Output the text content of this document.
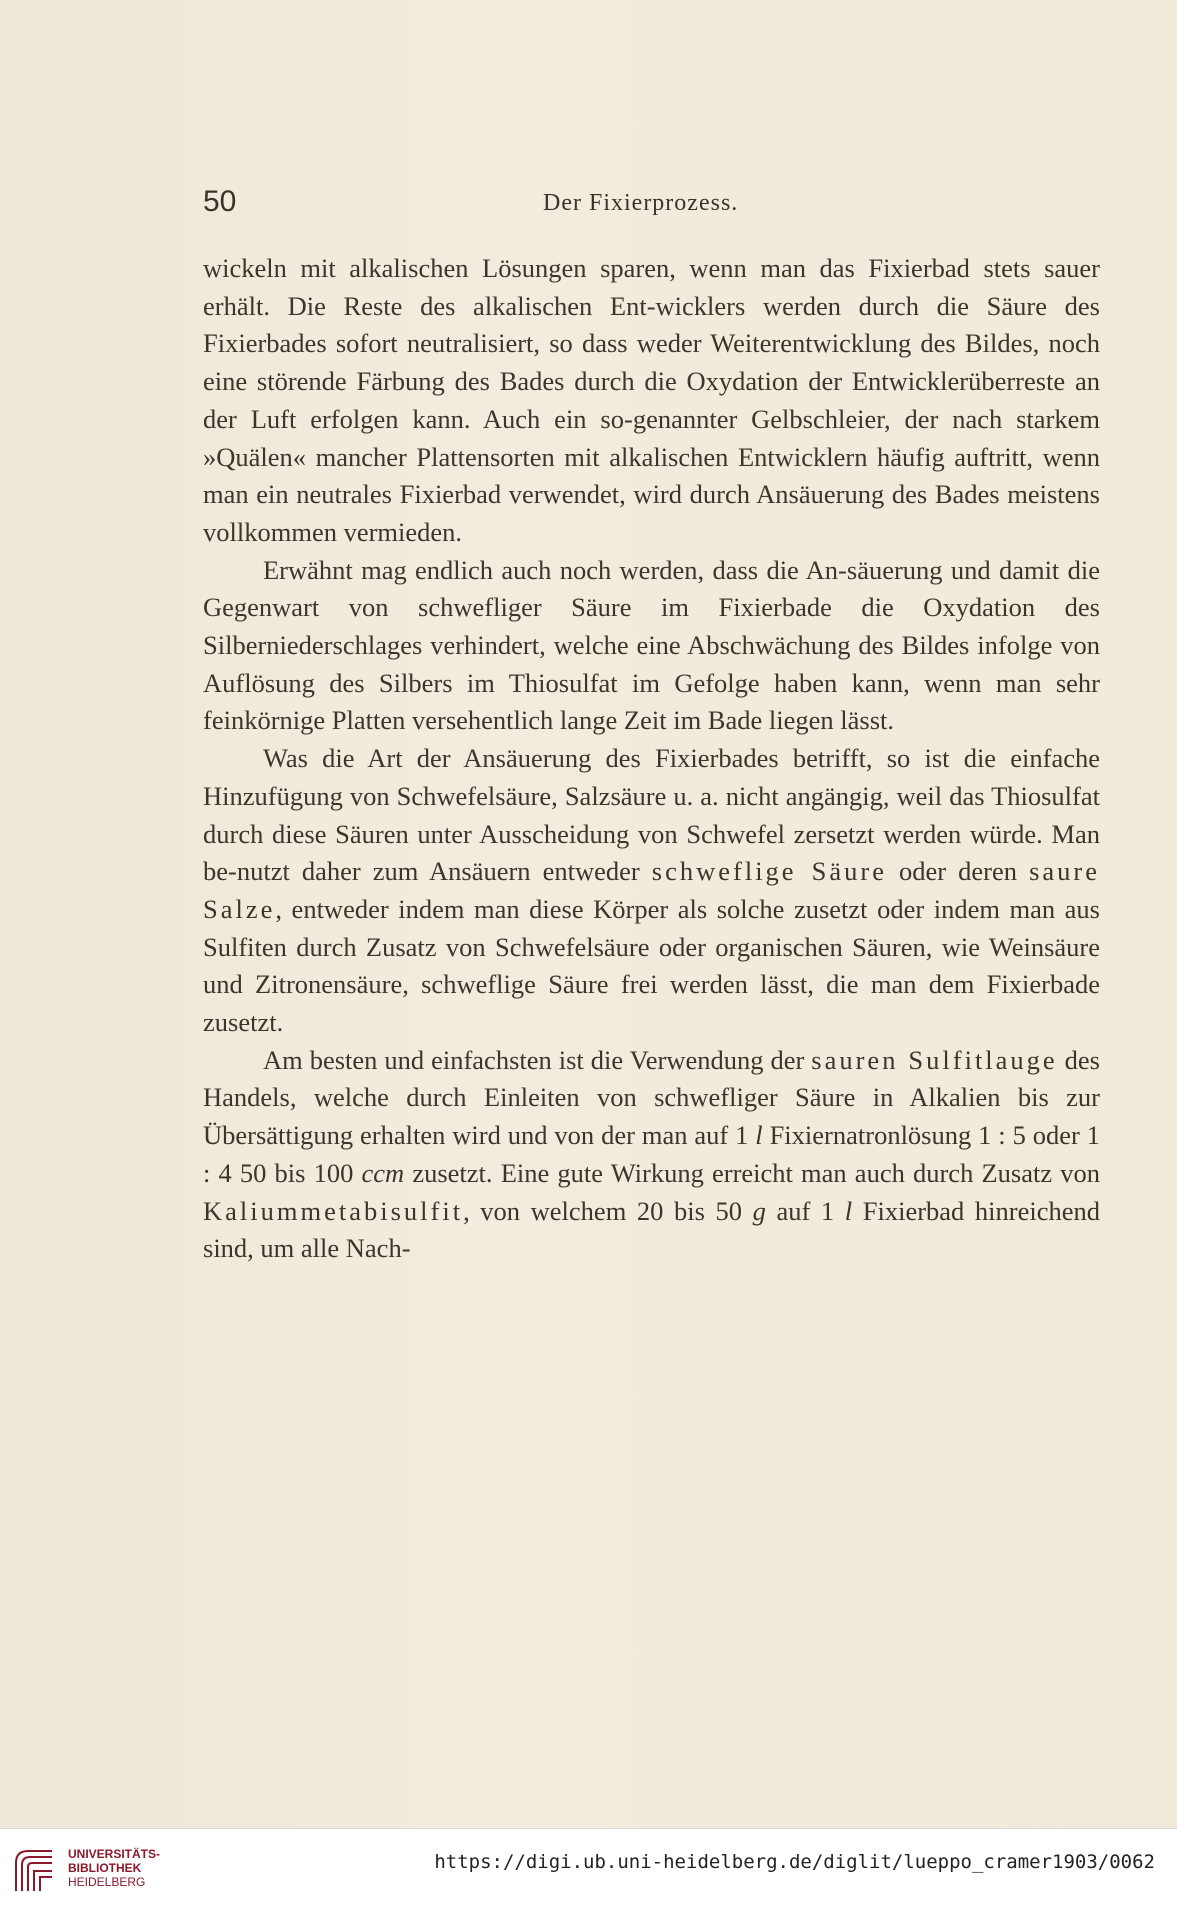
50	Der Fixierprozess.

wickeln mit alkalischen Lösungen sparen, wenn man das Fixierbad stets sauer erhält. Die Reste des alkalischen Ent-wicklers werden durch die Säure des Fixierbades sofort neutralisiert, so dass weder Weiterentwicklung des Bildes, noch eine störende Färbung des Bades durch die Oxydation der Entwicklerüberreste an der Luft erfolgen kann. Auch ein so-genannter Gelbschleier, der nach starkem »Quälen« mancher Plattensorten mit alkalischen Entwicklern häufig auftritt, wenn man ein neutrales Fixierbad verwendet, wird durch Ansäuerung des Bades meistens vollkommen vermieden.

Erwähnt mag endlich auch noch werden, dass die An-säuerung und damit die Gegenwart von schwefliger Säure im Fixierbade die Oxydation des Silberniederschlages verhindert, welche eine Abschwächung des Bildes infolge von Auflösung des Silbers im Thiosulfat im Gefolge haben kann, wenn man sehr feinkörnige Platten versehentlich lange Zeit im Bade liegen lässt.

Was die Art der Ansäuerung des Fixierbades betrifft, so ist die einfache Hinzufügung von Schwefelsäure, Salzsäure u. a. nicht angängig, weil das Thiosulfat durch diese Säuren unter Ausscheidung von Schwefel zersetzt werden würde. Man be-nutzt daher zum Ansäuern entweder schweflige Säure oder deren saure Salze, entweder indem man diese Körper als solche zusetzt oder indem man aus Sulfiten durch Zusatz von Schwefelsäure oder organischen Säuren, wie Weinsäure und Zitronensäure, schweflige Säure frei werden lässt, die man dem Fixierbade zusetzt.

Am besten und einfachsten ist die Verwendung der sauren Sulfitlauge des Handels, welche durch Einleiten von schwefliger Säure in Alkalien bis zur Übersättigung erhalten wird und von der man auf 1 l Fixiernatronlösung 1 : 5 oder 1 : 4 50 bis 100 ccm zusetzt. Eine gute Wirkung erreicht man auch durch Zusatz von Kaliummetabisulfit, von welchem 20 bis 50 g auf 1 l Fixierbad hinreichend sind, um alle Nach-

UNIVERSITÄTS-
BIBLIOTHEK
HEIDELBERG
https://digi.ub.uni-heidelberg.de/diglit/lueppo_cramer1903/0062
